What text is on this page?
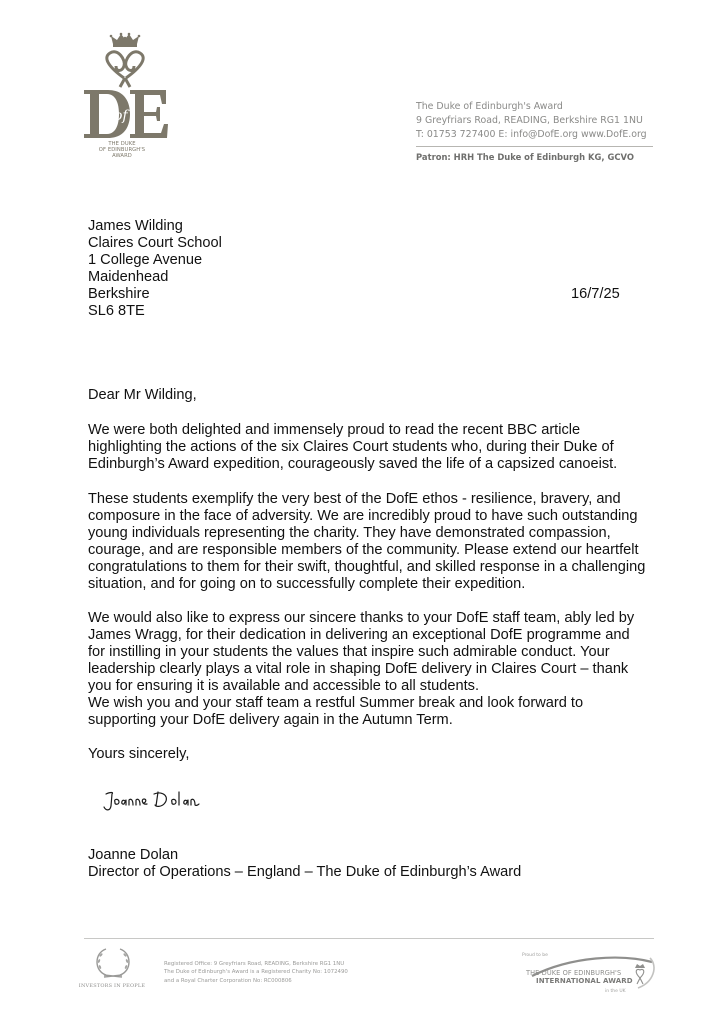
of
THE DUKE
OF EDINBURGH'S
AWARD
The Duke of Edinburgh's Award
9 Greyfriars Road, READING, Berkshire RG1 1NU
T: 01753 727400 E: info@DofE.org www.DofE.org
Patron: HRH The Duke of Edinburgh KG, GCVO
James Wilding
Claires Court School
1 College Avenue
Maidenhead
Berkshire
SL6 8TE
16/7/25
Dear Mr Wilding,
We were both delighted and immensely proud to read the recent BBC article highlighting the actions of the six Claires Court students who, during their Duke of Edinburgh’s Award expedition, courageously saved the life of a capsized canoeist.
These students exemplify the very best of the DofE ethos - resilience, bravery, and composure in the face of adversity. We are incredibly proud to have such outstanding young individuals representing the charity. They have demonstrated compassion, courage, and are responsible members of the community. Please extend our heartfelt congratulations to them for their swift, thoughtful, and skilled response in a challenging situation, and for going on to successfully complete their expedition.
We would also like to express our sincere thanks to your DofE staff team, ably led by James Wragg, for their dedication in delivering an exceptional DofE programme and for instilling in your students the values that inspire such admirable conduct. Your leadership clearly plays a vital role in shaping DofE delivery in Claires Court – thank you for ensuring it is available and accessible to all students.
We wish you and your staff team a restful Summer break and look forward to supporting your DofE delivery again in the Autumn Term.
Yours sincerely,
Joanne Dolan
Director of Operations – England – The Duke of Edinburgh’s Award
INVESTORS IN PEOPLE
Registered Office: 9 Greyfriars Road, READING, Berkshire RG1 1NU
The Duke of Edinburgh's Award is a Registered Charity No: 1072490
and a Royal Charter Corporation No: RC000806
Proud to be
THE DUKE OF EDINBURGH'S
INTERNATIONAL AWARD
in the UK
